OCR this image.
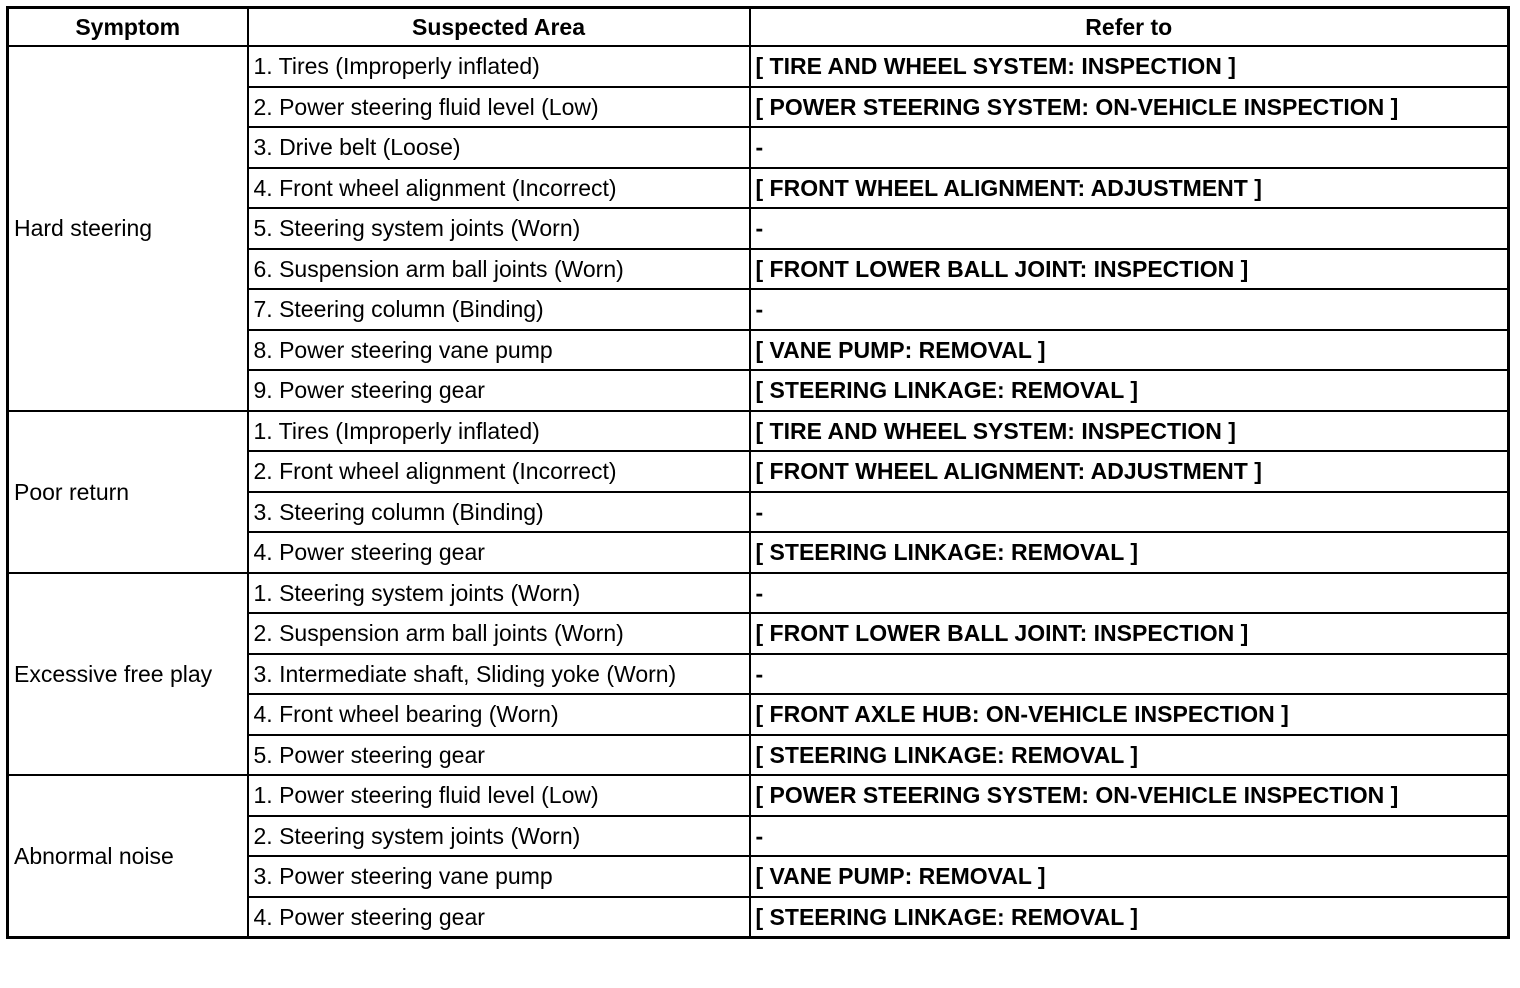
Symptom	Suspected Area	Refer to
Hard steering	1. Tires (Improperly inflated)	[ TIRE AND WHEEL SYSTEM: INSPECTION ]
	2. Power steering fluid level (Low)	[ POWER STEERING SYSTEM: ON-VEHICLE INSPECTION ]
	3. Drive belt (Loose)	-
	4. Front wheel alignment (Incorrect)	[ FRONT WHEEL ALIGNMENT: ADJUSTMENT ]
	5. Steering system joints (Worn)	-
	6. Suspension arm ball joints (Worn)	[ FRONT LOWER BALL JOINT: INSPECTION ]
	7. Steering column (Binding)	-
	8. Power steering vane pump	[ VANE PUMP: REMOVAL ]
	9. Power steering gear	[ STEERING LINKAGE: REMOVAL ]
Poor return	1. Tires (Improperly inflated)	[ TIRE AND WHEEL SYSTEM: INSPECTION ]
	2. Front wheel alignment (Incorrect)	[ FRONT WHEEL ALIGNMENT: ADJUSTMENT ]
	3. Steering column (Binding)	-
	4. Power steering gear	[ STEERING LINKAGE: REMOVAL ]
Excessive free play	1. Steering system joints (Worn)	-
	2. Suspension arm ball joints (Worn)	[ FRONT LOWER BALL JOINT: INSPECTION ]
	3. Intermediate shaft, Sliding yoke (Worn)	-
	4. Front wheel bearing (Worn)	[ FRONT AXLE HUB: ON-VEHICLE INSPECTION ]
	5. Power steering gear	[ STEERING LINKAGE: REMOVAL ]
Abnormal noise	1. Power steering fluid level (Low)	[ POWER STEERING SYSTEM: ON-VEHICLE INSPECTION ]
	2. Steering system joints (Worn)	-
	3. Power steering vane pump	[ VANE PUMP: REMOVAL ]
	4. Power steering gear	[ STEERING LINKAGE: REMOVAL ]
